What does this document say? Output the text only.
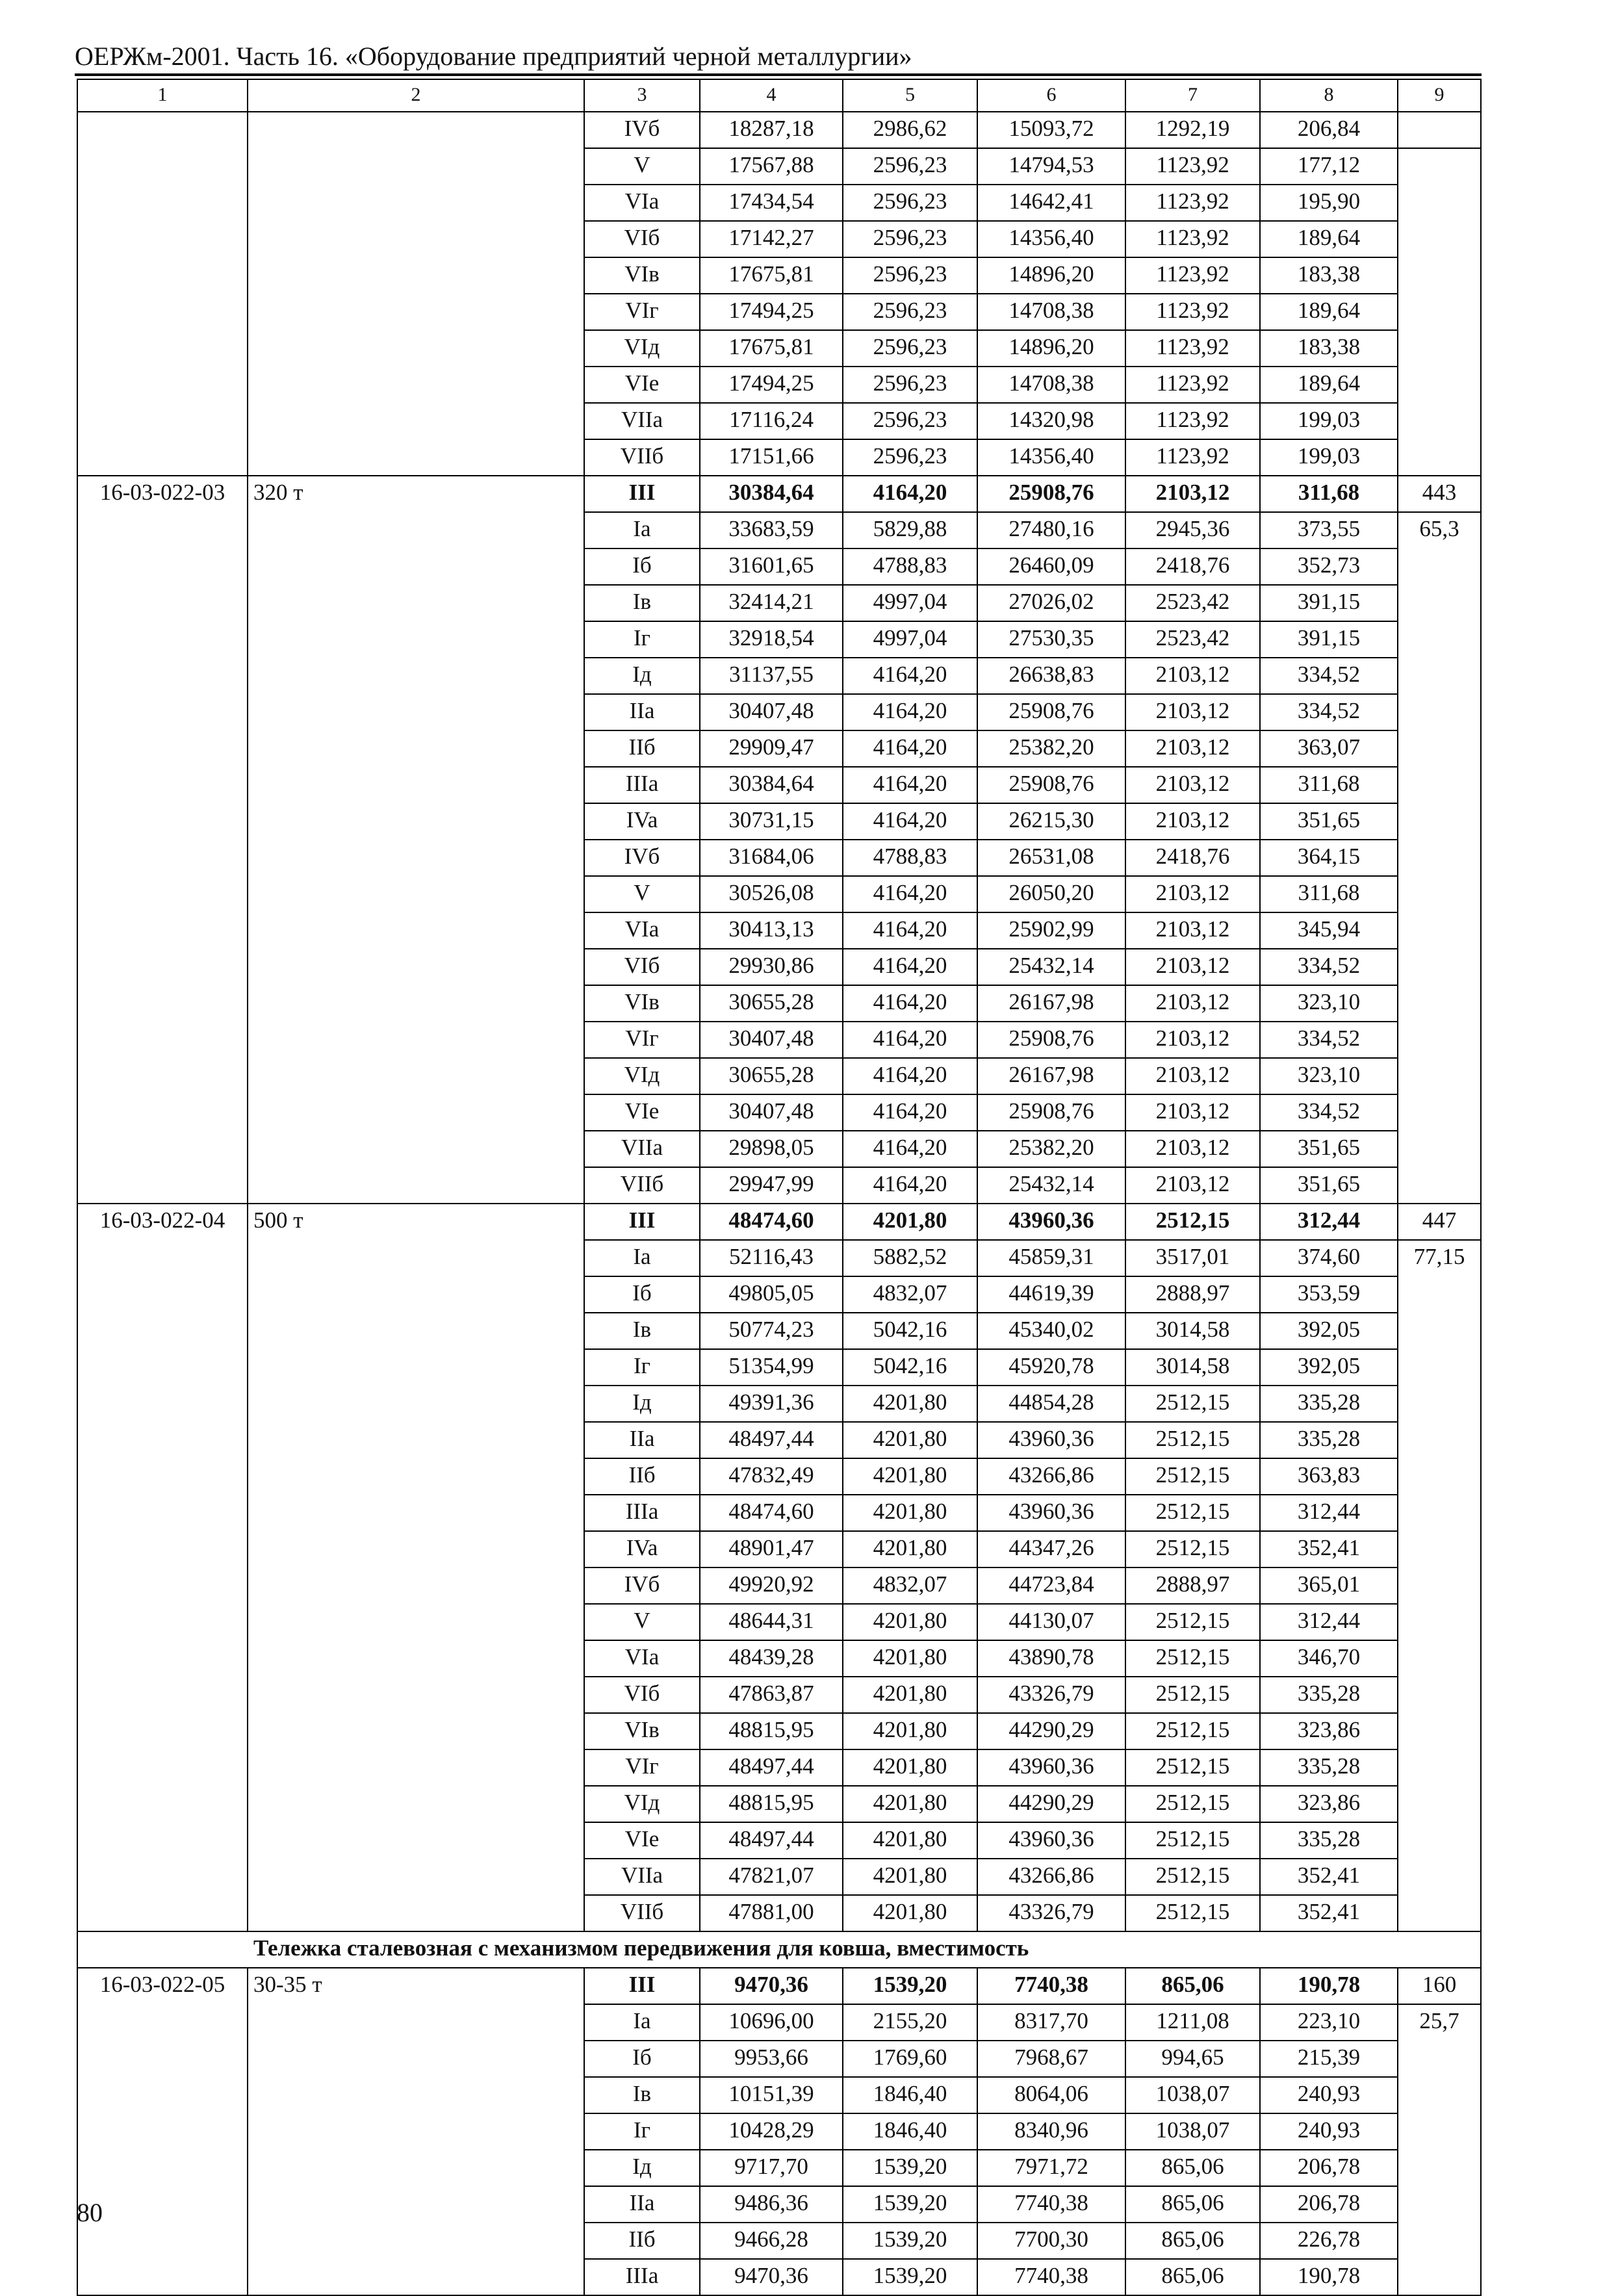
ОЕРЖм-2001. Часть 16. «Оборудование предприятий черной металлургии»
1	2	3	4	5	6	7	8	9
		IVб	18287,18	2986,62	15093,72	1292,19	206,84	
		V	17567,88	2596,23	14794,53	1123,92	177,12	
		VIa	17434,54	2596,23	14642,41	1123,92	195,90	
		VIб	17142,27	2596,23	14356,40	1123,92	189,64	
		VIв	17675,81	2596,23	14896,20	1123,92	183,38	
		VIг	17494,25	2596,23	14708,38	1123,92	189,64	
		VIд	17675,81	2596,23	14896,20	1123,92	183,38	
		VIe	17494,25	2596,23	14708,38	1123,92	189,64	
		VIIa	17116,24	2596,23	14320,98	1123,92	199,03	
		VIIб	17151,66	2596,23	14356,40	1123,92	199,03	
16-03-022-03	320 т	III	30384,64	4164,20	25908,76	2103,12	311,68	443
		Ia	33683,59	5829,88	27480,16	2945,36	373,55	65,3
		Iб	31601,65	4788,83	26460,09	2418,76	352,73	
		Iв	32414,21	4997,04	27026,02	2523,42	391,15	
		Iг	32918,54	4997,04	27530,35	2523,42	391,15	
		Iд	31137,55	4164,20	26638,83	2103,12	334,52	
		IIa	30407,48	4164,20	25908,76	2103,12	334,52	
		IIб	29909,47	4164,20	25382,20	2103,12	363,07	
		IIIa	30384,64	4164,20	25908,76	2103,12	311,68	
		IVa	30731,15	4164,20	26215,30	2103,12	351,65	
		IVб	31684,06	4788,83	26531,08	2418,76	364,15	
		V	30526,08	4164,20	26050,20	2103,12	311,68	
		VIa	30413,13	4164,20	25902,99	2103,12	345,94	
		VIб	29930,86	4164,20	25432,14	2103,12	334,52	
		VIв	30655,28	4164,20	26167,98	2103,12	323,10	
		VIг	30407,48	4164,20	25908,76	2103,12	334,52	
		VIд	30655,28	4164,20	26167,98	2103,12	323,10	
		VIe	30407,48	4164,20	25908,76	2103,12	334,52	
		VIIa	29898,05	4164,20	25382,20	2103,12	351,65	
		VIIб	29947,99	4164,20	25432,14	2103,12	351,65	
16-03-022-04	500 т	III	48474,60	4201,80	43960,36	2512,15	312,44	447
		Ia	52116,43	5882,52	45859,31	3517,01	374,60	77,15
		Iб	49805,05	4832,07	44619,39	2888,97	353,59	
		Iв	50774,23	5042,16	45340,02	3014,58	392,05	
		Iг	51354,99	5042,16	45920,78	3014,58	392,05	
		Iд	49391,36	4201,80	44854,28	2512,15	335,28	
		IIa	48497,44	4201,80	43960,36	2512,15	335,28	
		IIб	47832,49	4201,80	43266,86	2512,15	363,83	
		IIIa	48474,60	4201,80	43960,36	2512,15	312,44	
		IVa	48901,47	4201,80	44347,26	2512,15	352,41	
		IVб	49920,92	4832,07	44723,84	2888,97	365,01	
		V	48644,31	4201,80	44130,07	2512,15	312,44	
		VIa	48439,28	4201,80	43890,78	2512,15	346,70	
		VIб	47863,87	4201,80	43326,79	2512,15	335,28	
		VIв	48815,95	4201,80	44290,29	2512,15	323,86	
		VIг	48497,44	4201,80	43960,36	2512,15	335,28	
		VIд	48815,95	4201,80	44290,29	2512,15	323,86	
		VIe	48497,44	4201,80	43960,36	2512,15	335,28	
		VIIa	47821,07	4201,80	43266,86	2512,15	352,41	
		VIIб	47881,00	4201,80	43326,79	2512,15	352,41	
Тележка сталевозная с механизмом передвижения для ковша, вместимость								
16-03-022-05	30-35 т	III	9470,36	1539,20	7740,38	865,06	190,78	160
		Ia	10696,00	2155,20	8317,70	1211,08	223,10	25,7
		Iб	9953,66	1769,60	7968,67	994,65	215,39	
		Iв	10151,39	1846,40	8064,06	1038,07	240,93	
		Iг	10428,29	1846,40	8340,96	1038,07	240,93	
		Iд	9717,70	1539,20	7971,72	865,06	206,78	
		IIa	9486,36	1539,20	7740,38	865,06	206,78	
		IIб	9466,28	1539,20	7700,30	865,06	226,78	
		IIIa	9470,36	1539,20	7740,38	865,06	190,78	
80
